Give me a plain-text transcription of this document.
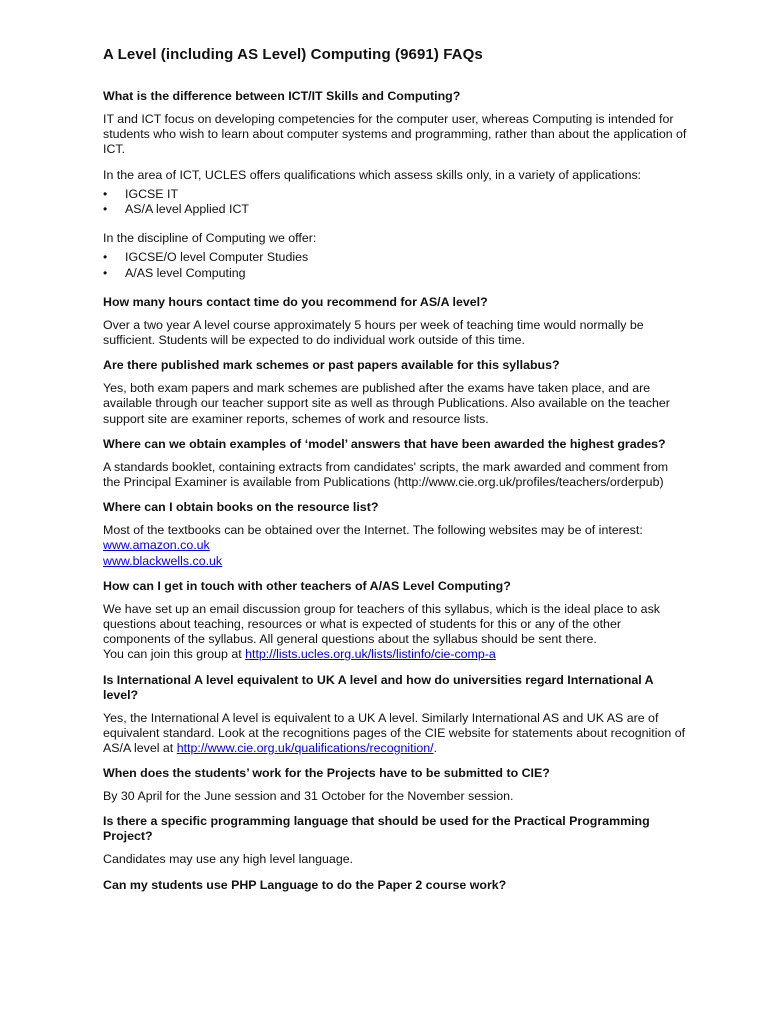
A Level (including AS Level) Computing (9691) FAQs
What is the difference between ICT/IT Skills and Computing?

IT and ICT focus on developing competencies for the computer user, whereas Computing is intended for students who wish to learn about computer systems and programming, rather than about the application of ICT.

In the area of ICT, UCLES offers qualifications which assess skills only, in a variety of applications:

• IGCSE IT
• AS/A level Applied ICT

In the discipline of Computing we offer:

• IGCSE/O level Computer Studies
• A/AS level Computing
How many hours contact time do you recommend for AS/A level?

Over a two year A level course approximately 5 hours per week of teaching time would normally be sufficient. Students will be expected to do individual work outside of this time.

Are there published mark schemes or past papers available for this syllabus?

Yes, both exam papers and mark schemes are published after the exams have taken place, and are available through our teacher support site as well as through Publications. Also available on the teacher support site are examiner reports, schemes of work and resource lists.

Where can we obtain examples of ‘model’ answers that have been awarded the highest grades?

A standards booklet, containing extracts from candidates' scripts, the mark awarded and comment from the Principal Examiner is available from Publications (http://www.cie.org.uk/profiles/teachers/orderpub)

Where can I obtain books on the resource list?

Most of the textbooks can be obtained over the Internet. The following websites may be of interest:
www.amazon.co.uk
www.blackwells.co.uk

How can I get in touch with other teachers of A/AS Level Computing?

We have set up an email discussion group for teachers of this syllabus, which is the ideal place to ask questions about teaching, resources or what is expected of students for this or any of the other components of the syllabus. All general questions about the syllabus should be sent there.
You can join this group at http://lists.ucles.org.uk/lists/listinfo/cie-comp-a

Is International A level equivalent to UK A level and how do universities regard International A level?

Yes, the International A level is equivalent to a UK A level. Similarly International AS and UK AS are of equivalent standard. Look at the recognitions pages of the CIE website for statements about recognition of AS/A level at http://www.cie.org.uk/qualifications/recognition/.

When does the students’ work for the Projects have to be submitted to CIE?

By 30 April for the June session and 31 October for the November session.

Is there a specific programming language that should be used for the Practical Programming Project?

Candidates may use any high level language.

Can my students use PHP Language to do the Paper 2 course work?
